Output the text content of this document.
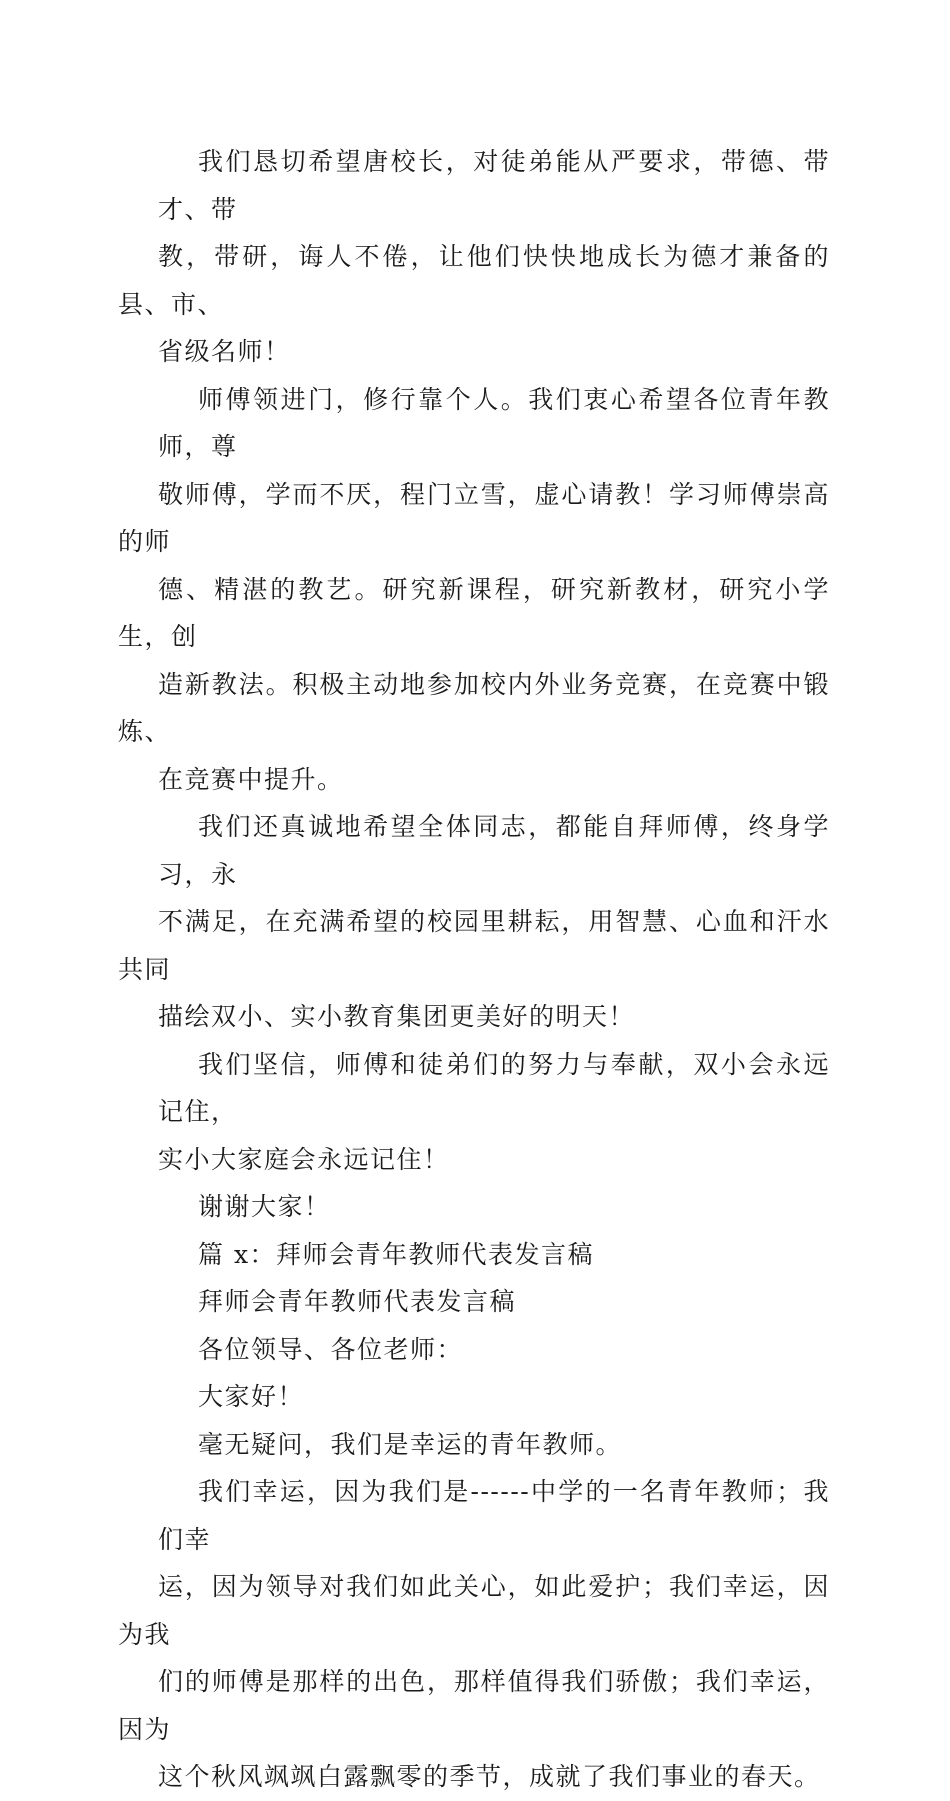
我们恳切希望唐校长，对徒弟能从严要求，带德、带才、带
教，带研，诲人不倦，让他们快快地成长为德才兼备的县、市、
省级名师！
师傅领进门，修行靠个人。我们衷心希望各位青年教师，尊
敬师傅，学而不厌，程门立雪，虚心请教！学习师傅崇高的师
德、精湛的教艺。研究新课程，研究新教材，研究小学生，创
造新教法。积极主动地参加校内外业务竞赛，在竞赛中锻炼、
在竞赛中提升。
我们还真诚地希望全体同志，都能自拜师傅，终身学习，永
不满足，在充满希望的校园里耕耘，用智慧、心血和汗水共同
描绘双小、实小教育集团更美好的明天！
我们坚信，师傅和徒弟们的努力与奉献，双小会永远记住，
实小大家庭会永远记住！
谢谢大家！
篇 x：拜师会青年教师代表发言稿
拜师会青年教师代表发言稿
各位领导、各位老师：
大家好！
毫无疑问，我们是幸运的青年教师。
我们幸运，因为我们是------中学的一名青年教师；我们幸
运，因为领导对我们如此关心，如此爱护；我们幸运，因为我
们的师傅是那样的出色，那样值得我们骄傲；我们幸运，因为
这个秋风飒飒白露飘零的季节，成就了我们事业的春天。
